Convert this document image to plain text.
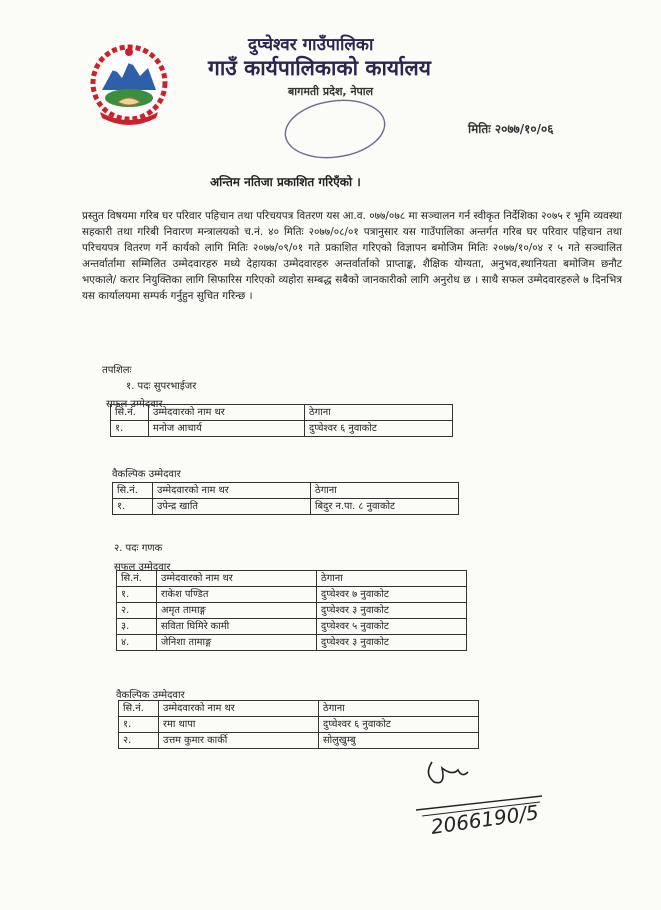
दुप्चेश्वर गाउँपालिका
गाउँ कार्यपालिकाको कार्यालय
बागमती प्रदेश, नेपाल
मितिः २०७७/१०/०६
अन्तिम नतिजा प्रकाशित गरिएँको ।
प्रस्तुत विषयमा गरिब घर परिवार पहिचान तथा परिचयपत्र वितरण यस आ.व. ०७७/०७८ मा सञ्चालन गर्न स्वीकृत निर्देशिका २०७५ र भूमि व्यवस्था सहकारी तथा गरिबी निवारण मन्त्रालयको च.नं. ४० मितिः २०७७/०८/०१ पत्रानुसार यस गाउँपालिका अन्तर्गत गरिब घर परिवार पहिचान तथा परिचयपत्र वितरण गर्ने कार्यको लागि मितिः २०७७/०९/०१ गते प्रकाशित गरिएको विज्ञापन बमोजिम मितिः २०७७/१०/०४ र ५ गते सञ्चालित अन्तर्वार्तामा सम्मिलित उम्मेदवारहरु मध्ये देहायका उम्मेदवारहरु अन्तर्वार्ताको प्राप्ताङ्क, शैक्षिक योग्यता, अनुभव,स्थानियता बमोजिम छनौट भएकाले/ करार नियुक्तिका लागि सिफारिस गरिएको व्यहोरा सम्बद्ध सबैको जानकारीको लागि अनुरोध छ । साथै सफल उम्मेदवारहरुले ७ दिनभित्र यस कार्यालयमा सम्पर्क गर्नुहुन सुचित गरिन्छ ।
तपशिलः
१. पदः सुपरभाईजर
सफल उम्मेदवार
सि.नं.	उम्मेदवारको नाम थर	ठेगाना
१.	मनोज आचार्य	दुप्चेश्वर ६ नुवाकोट
वैकल्पिक उम्मेदवार
सि.नं.	उम्मेदवारको नाम थर	ठेगाना
१.	उपेन्द्र खाति	बिदुर न.पा. ८ नुवाकोट
२. पदः गणक
सफल उम्मेदवार
सि.नं.	उम्मेदवारको नाम थर	ठेगाना
१.	राकेश पण्डित	दुप्चेश्वर ७ नुवाकोट
२.	अमृत तामाङ्ग	दुप्चेश्वर ३ नुवाकोट
३.	सविता घिमिरे कामी	दुप्चेश्वर ५ नुवाकोट
४.	जेनिशा तामाङ्ग	दुप्चेश्वर ३ नुवाकोट
वैकल्पिक उम्मेदवार
सि.नं.	उम्मेदवारको नाम थर	ठेगाना
१.	रमा थापा	दुप्चेश्वर ६ नुवाकोट
२.	उत्तम कुमार कार्की	सोलुखुम्बु
2066190/5
